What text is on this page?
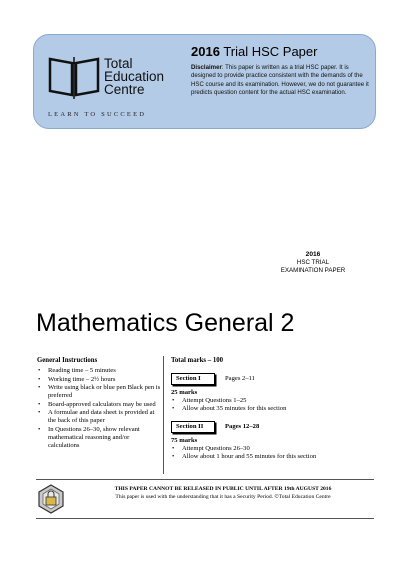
Total
Education
Centre
LEARN TO SUCCEED
2016 Trial HSC Paper
Disclaimer: This paper is written as a trial HSC paper. It is designed to provide practice consistent with the demands of the HSC course and its examination. However, we do not guarantee it predicts question content for the actual HSC examination.
2016
HSC TRIAL
EXAMINATION PAPER
Mathematics General 2
General Instructions
• Reading time – 5 minutes
• Working time – 2½ hours
• Write using black or blue pen Black pen is preferred
• Board-approved calculators may be used
• A formulae and data sheet is provided at the back of this paper
• In Questions 26–30, show relevant mathematical reasoning and/or calculations
Total marks – 100
Section I	Pages 2–11
25 marks
• Attempt Questions 1–25
• Allow about 35 minutes for this section
Section II	Pages 12–28
75 marks
• Attempt Questions 26–30
• Allow about 1 hour and 55 minutes for this section
THIS PAPER CANNOT BE RELEASED IN PUBLIC UNTIL AFTER 19th AUGUST 2016
This paper is used with the understanding that it has a Security Period. ©Total Education Centre
